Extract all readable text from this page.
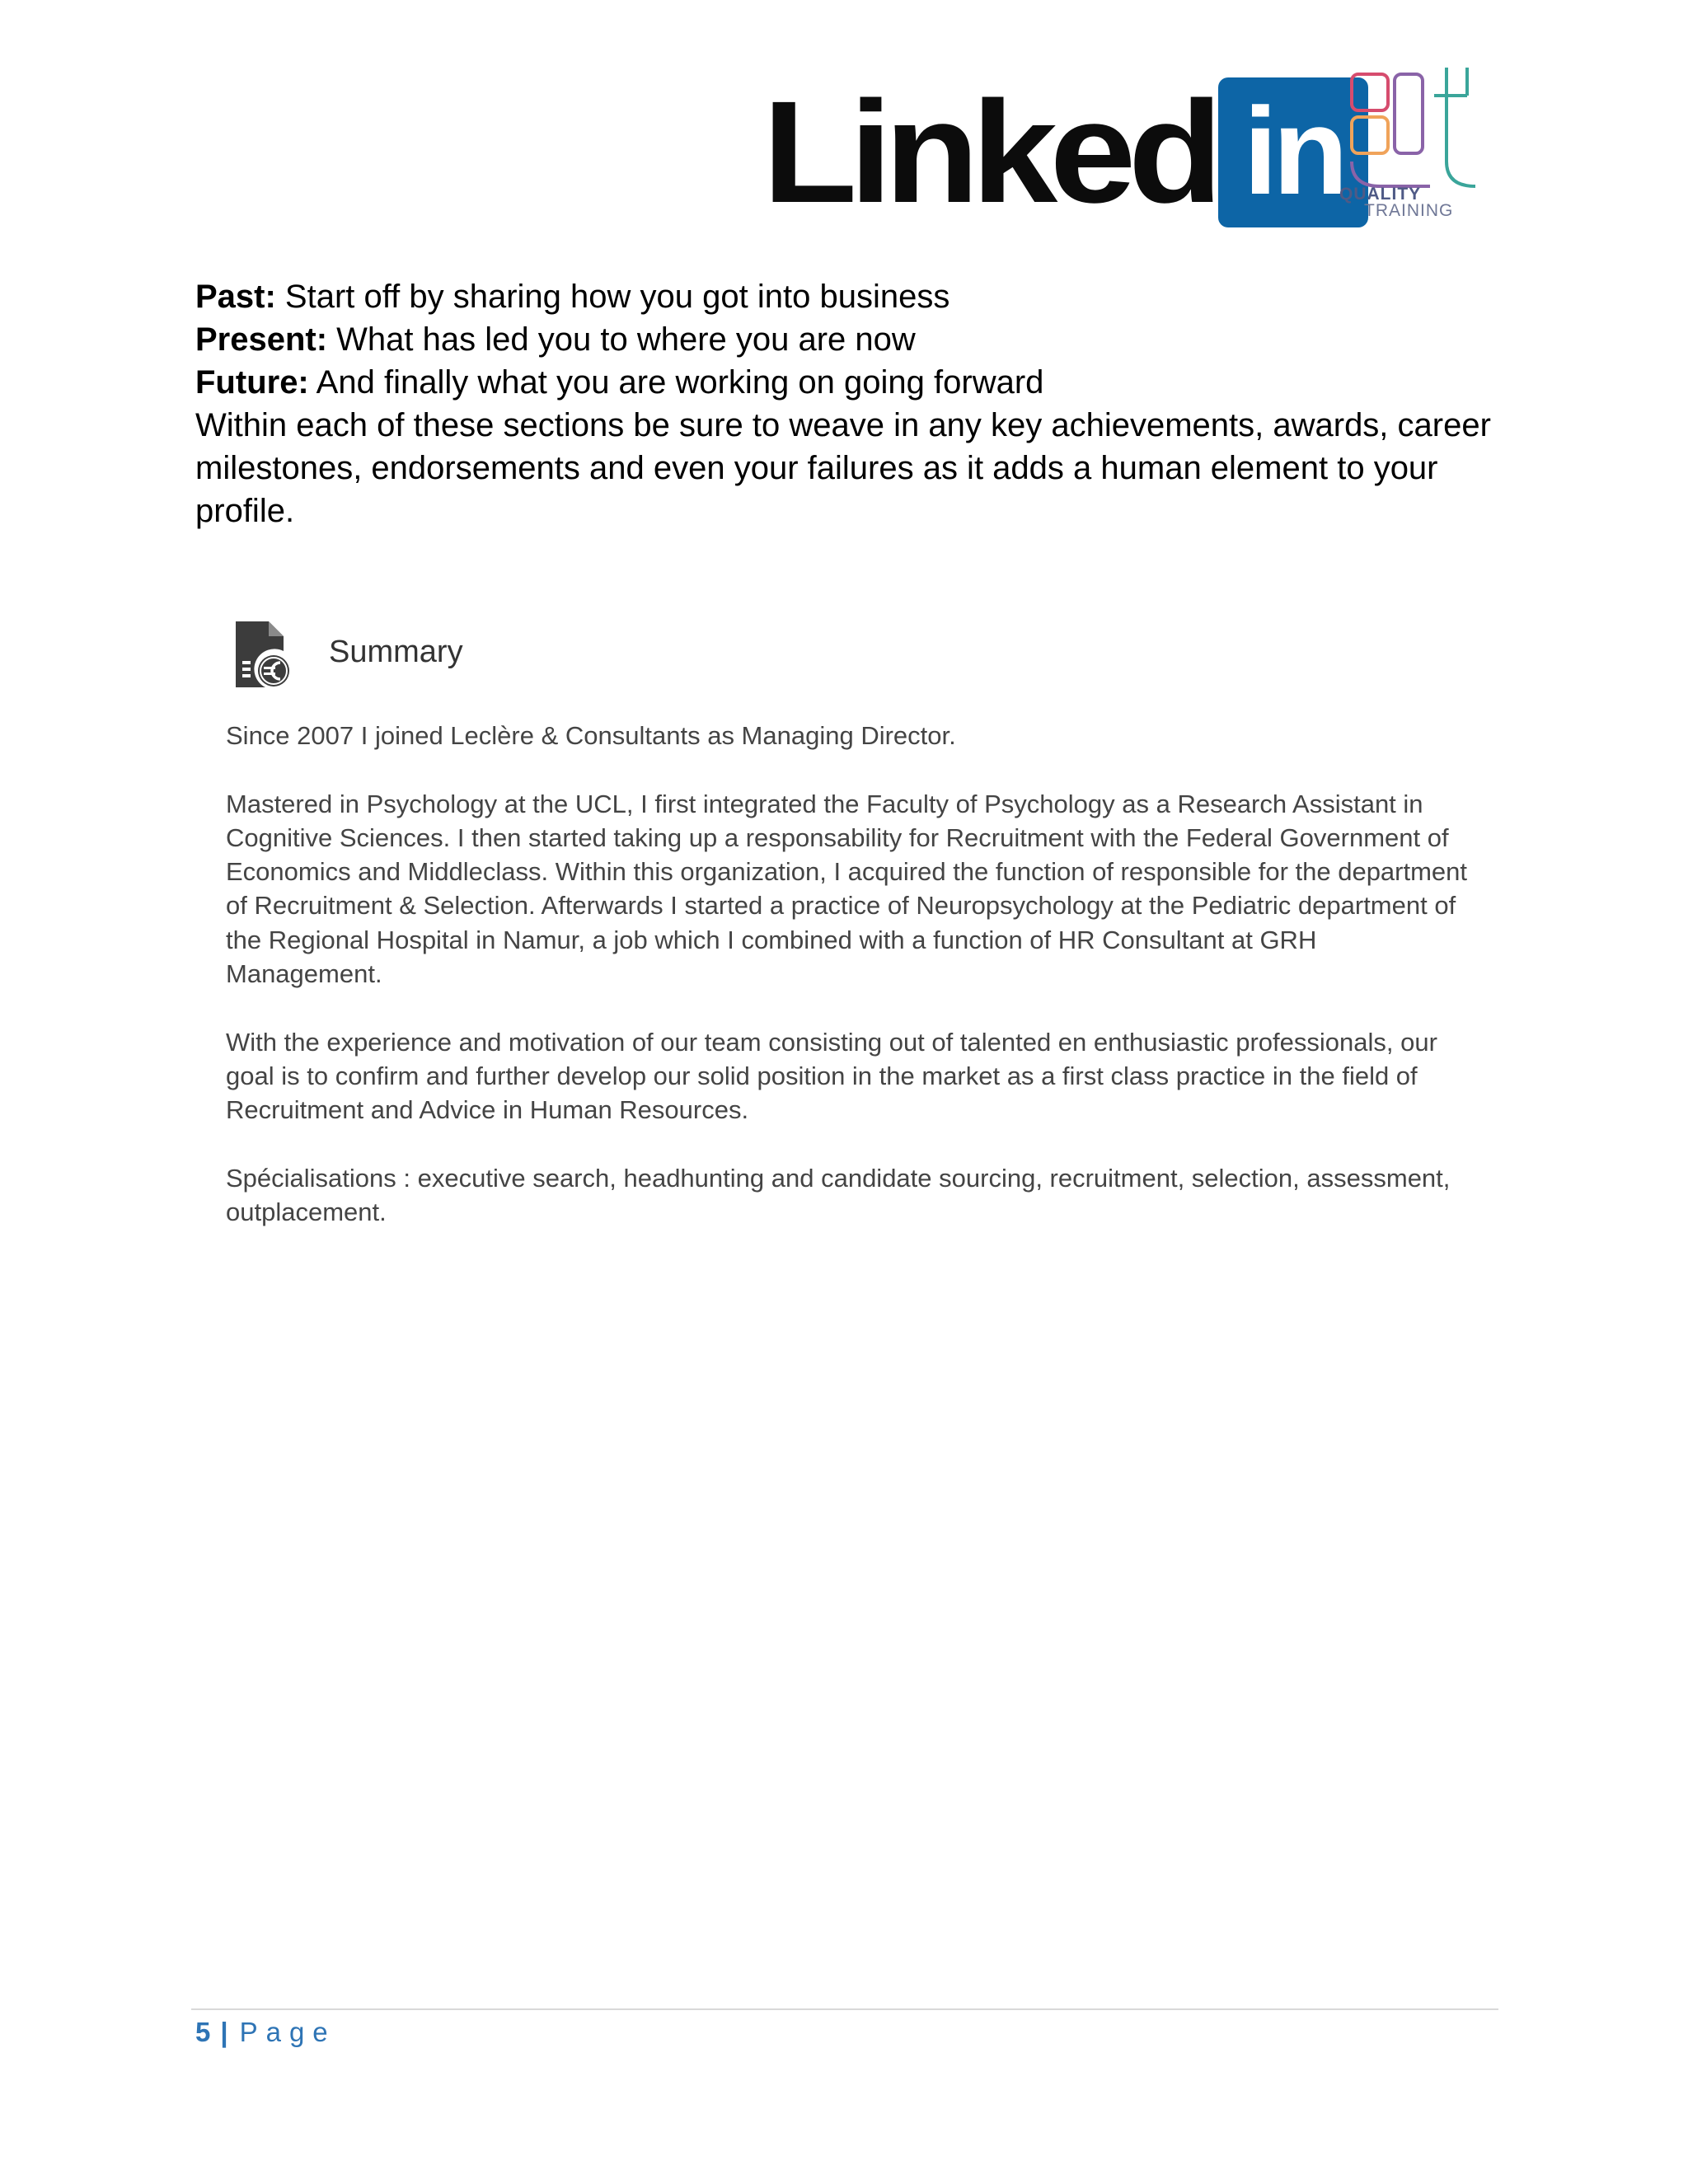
Linked in
QUALITY
TRAINING
Past: Start off by sharing how you got into business
Present: What has led you to where you are now
Future: And finally what you are working on going forward
Within each of these sections be sure to weave in any key achievements, awards, career milestones, endorsements and even your failures as it adds a human element to your profile.
Summary

Since 2007 I joined Leclère & Consultants as Managing Director.

Mastered in Psychology at the UCL, I first integrated the Faculty of Psychology as a Research Assistant in Cognitive Sciences. I then started taking up a responsability for Recruitment with the Federal Government of Economics and Middleclass. Within this organization, I acquired the function of responsible for the department of Recruitment & Selection. Afterwards I started a practice of Neuropsychology at the Pediatric department of the Regional Hospital in Namur, a job which I combined with a function of HR Consultant at GRH Management.

With the experience and motivation of our team consisting out of talented en enthusiastic professionals, our goal is to confirm and further develop our solid position in the market as a first class practice in the field of Recruitment and Advice in Human Resources.

Spécialisations : executive search, headhunting and candidate sourcing, recruitment, selection, assessment, outplacement.

5 | Page
